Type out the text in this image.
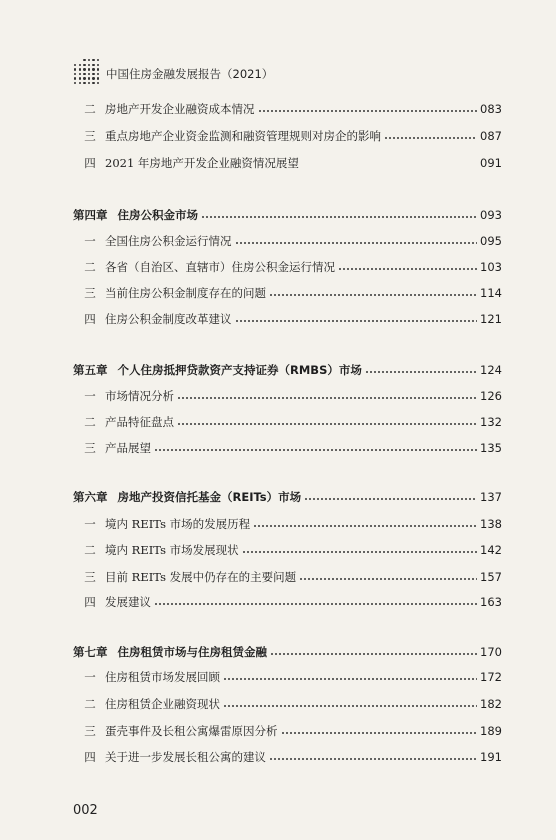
中国住房金融发展报告（2021）
二 房地产开发企业融资成本情况	083
三 重点房地产企业资金监测和融资管理规则对房企的影响	087
四 2021 年房地产开发企业融资情况展望	091
第四章 住房公积金市场	093
一 全国住房公积金运行情况	095
二 各省（自治区、直辖市）住房公积金运行情况	103
三 当前住房公积金制度存在的问题	114
四 住房公积金制度改革建议	121
第五章 个人住房抵押贷款资产支持证券（RMBS）市场	124
一 市场情况分析	126
二 产品特征盘点	132
三 产品展望	135
第六章 房地产投资信托基金（REITs）市场	137
一 境内 REITs 市场的发展历程	138
二 境内 REITs 市场发展现状	142
三 目前 REITs 发展中仍存在的主要问题	157
四 发展建议	163
第七章 住房租赁市场与住房租赁金融	170
一 住房租赁市场发展回顾	172
二 住房租赁企业融资现状	182
三 蛋壳事件及长租公寓爆雷原因分析	189
四 关于进一步发展长租公寓的建议	191
002
